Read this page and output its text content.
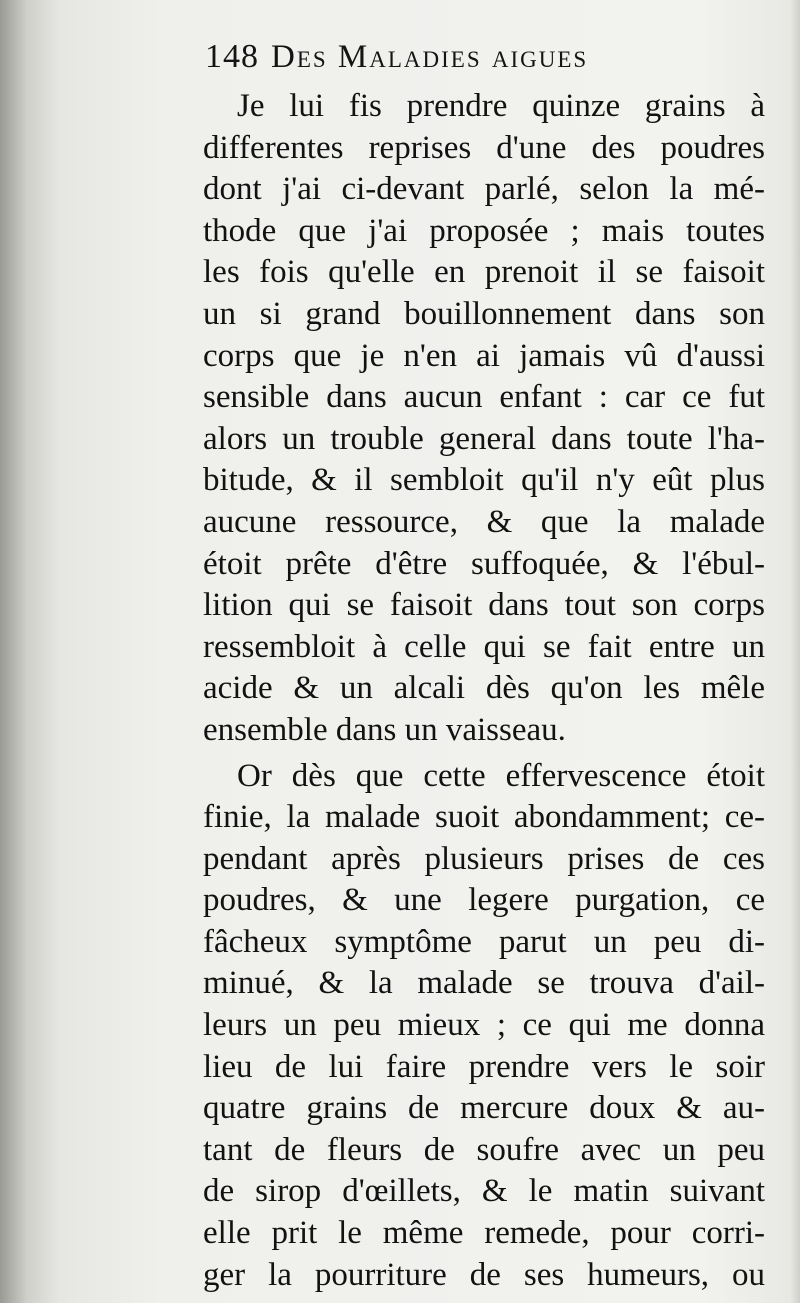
148 Des Maladies aigues
Je lui fis prendre quinze grains à
differentes reprises d'une des poudres
dont j'ai ci-devant parlé, selon la mé-
thode que j'ai proposée ; mais toutes
les fois qu'elle en prenoit il se faisoit
un si grand bouillonnement dans son
corps que je n'en ai jamais vû d'aussi
sensible dans aucun enfant : car ce fut
alors un trouble general dans toute l'ha-
bitude, & il sembloit qu'il n'y eût plus
aucune ressource, & que la malade
étoit prête d'être suffoquée, & l'ébul-
lition qui se faisoit dans tout son corps
ressembloit à celle qui se fait entre un
acide & un alcali dès qu'on les mêle
ensemble dans un vaisseau.
Or dès que cette effervescence étoit
finie, la malade suoit abondamment; ce-
pendant après plusieurs prises de ces
poudres, & une legere purgation, ce
fâcheux symptôme parut un peu di-
minué, & la malade se trouva d'ail-
leurs un peu mieux ; ce qui me donna
lieu de lui faire prendre vers le soir
quatre grains de mercure doux & au-
tant de fleurs de soufre avec un peu
de sirop d'œillets, & le matin suivant
elle prit le même remede, pour corri-
ger la pourriture de ses humeurs, ou
